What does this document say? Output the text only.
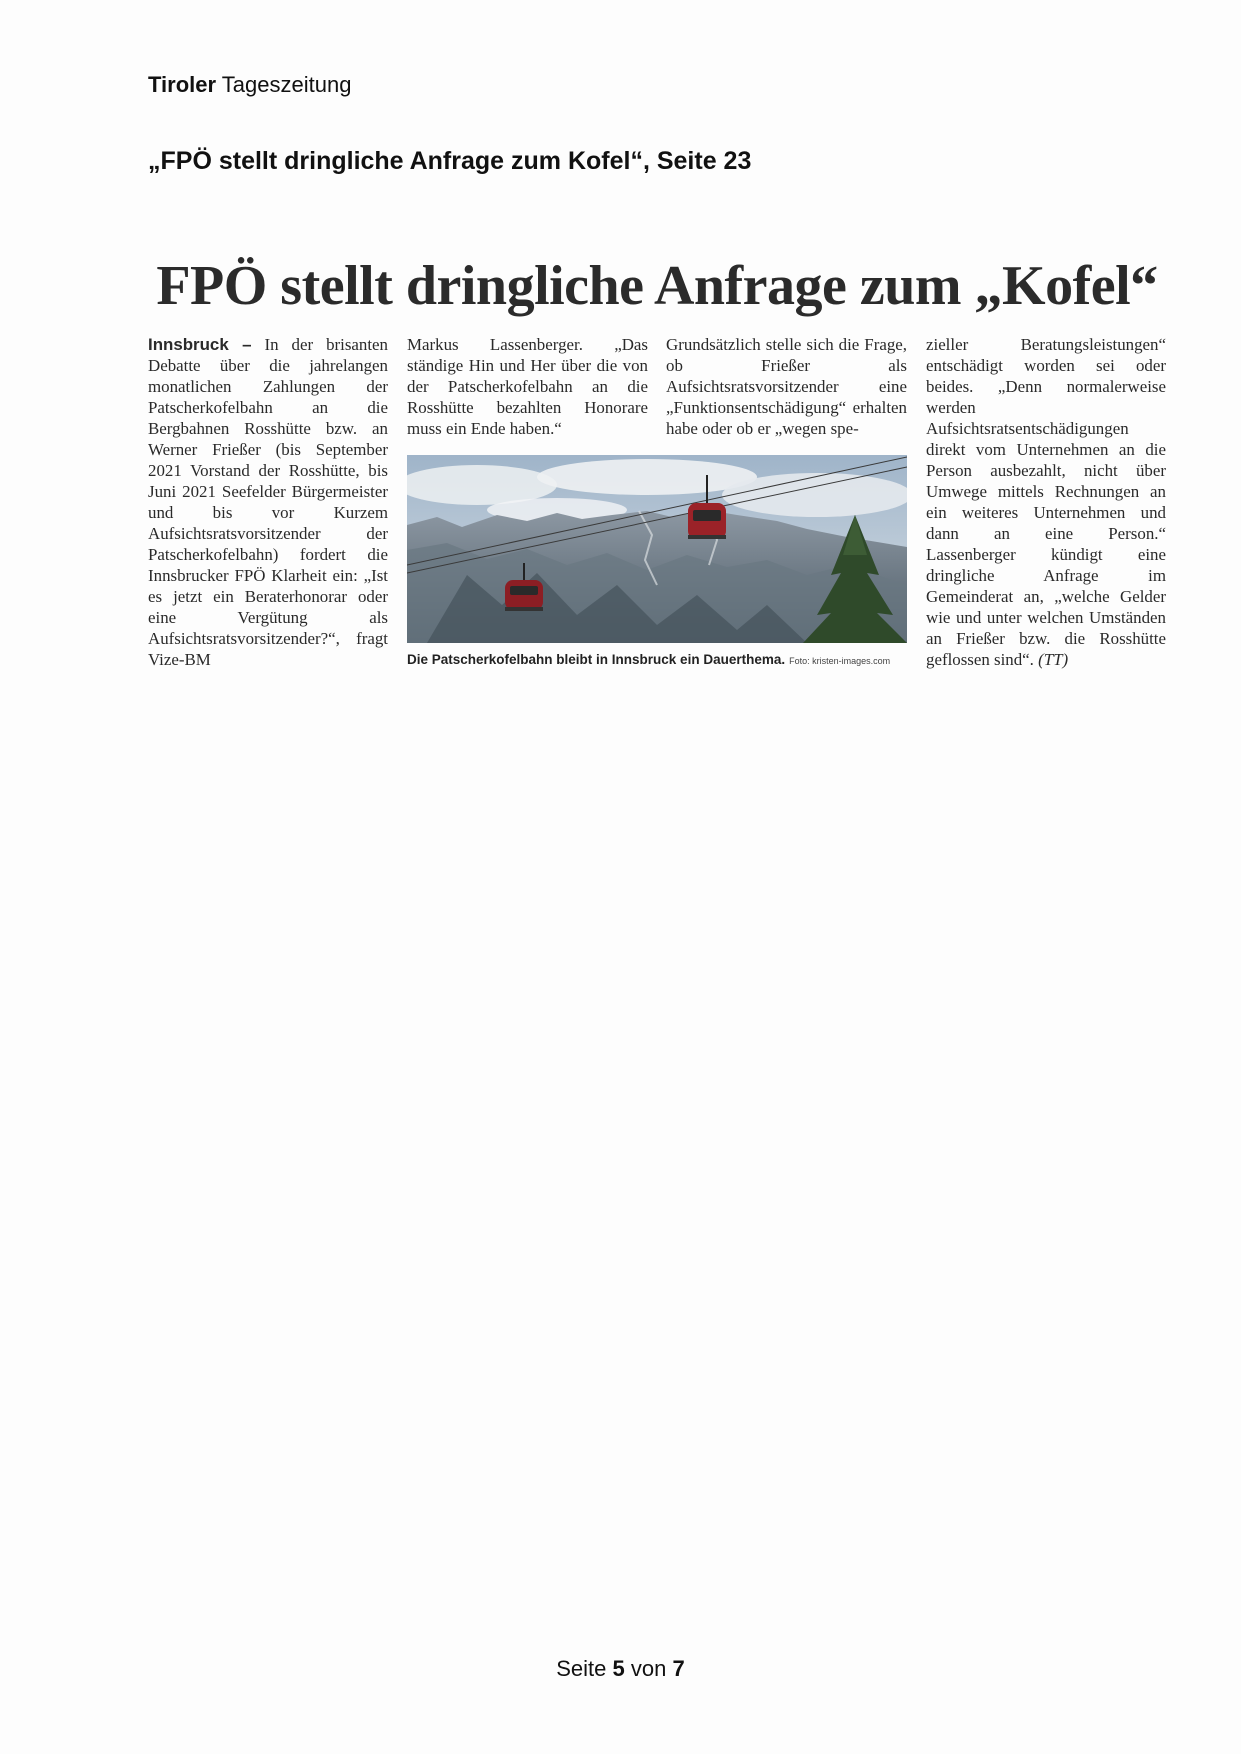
Tiroler Tageszeitung
„FPÖ stellt dringliche Anfrage zum Kofel“, Seite 23
FPÖ stellt dringliche Anfrage zum „Kofel“

Innsbruck – In der brisanten Debatte über die jahrelangen monatlichen Zahlungen der Patscherkofelbahn an die Bergbahnen Rosshütte bzw. an Werner Frießer (bis September 2021 Vorstand der Rosshütte, bis Juni 2021 Seefelder Bürgermeister und bis vor Kurzem Aufsichtsratsvorsitzender der Patscherkofelbahn) fordert die Innsbrucker FPÖ Klarheit ein: „Ist es jetzt ein Beraterhonorar oder eine Vergütung als Aufsichtsratsvorsitzender?“, fragt Vize-BM

Markus Lassenberger. „Das ständige Hin und Her über die von der Patscherkofelbahn an die Rosshütte bezahlten Honorare muss ein Ende haben.“

Die Patscherkofelbahn bleibt in Innsbruck ein Dauerthema. Foto: kristen-images.com

Grundsätzlich stelle sich die Frage, ob Frießer als Aufsichtsratsvorsitzender eine „Funktionsentschädigung“ erhalten habe oder ob er „wegen spe-

zieller Beratungsleistungen“ entschädigt worden sei oder beides. „Denn normalerweise werden Aufsichtsratsentschädigungen direkt vom Unternehmen an die Person ausbezahlt, nicht über Umwege mittels Rechnungen an ein weiteres Unternehmen und dann an eine Person.“ Lassenberger kündigt eine dringliche Anfrage im Gemeinderat an, „welche Gelder wie und unter welchen Umständen an Frießer bzw. die Rosshütte geflossen sind“. (TT)

Seite 5 von 7
